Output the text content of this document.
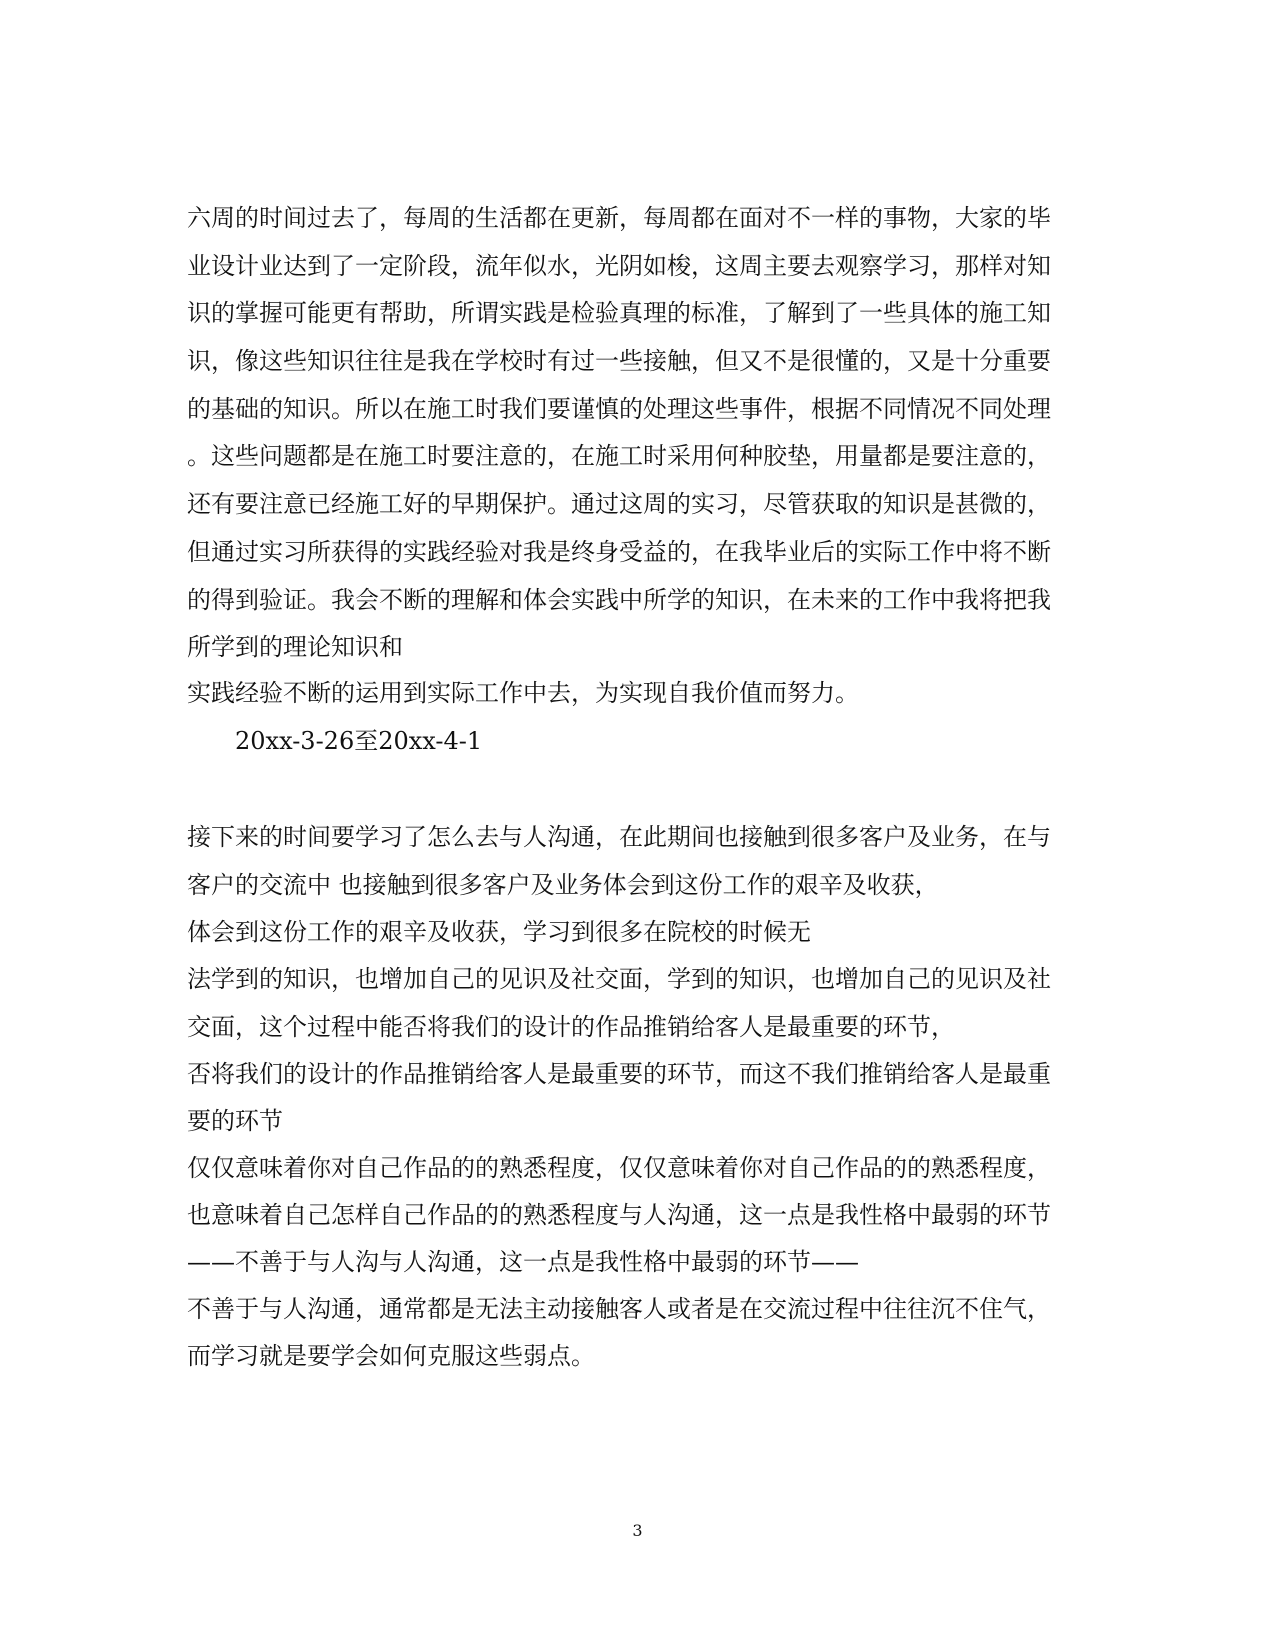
六周的时间过去了，每周的生活都在更新，每周都在面对不一样的事物，大家的毕
业设计业达到了一定阶段，流年似水，光阴如梭，这周主要去观察学习，那样对知
识的掌握可能更有帮助，所谓实践是检验真理的标准，了解到了一些具体的施工知
识，像这些知识往往是我在学校时有过一些接触，但又不是很懂的，又是十分重要
的基础的知识。所以在施工时我们要谨慎的处理这些事件，根据不同情况不同处理
。这些问题都是在施工时要注意的，在施工时采用何种胶垫，用量都是要注意的，
还有要注意已经施工好的早期保护。通过这周的实习，尽管获取的知识是甚微的，
但通过实习所获得的实践经验对我是终身受益的，在我毕业后的实际工作中将不断
的得到验证。我会不断的理解和体会实践中所学的知识，在未来的工作中我将把我
所学到的理论知识和
实践经验不断的运用到实际工作中去，为实现自我价值而努力。
20xx-3-26至20xx-4-1
接下来的时间要学习了怎么去与人沟通，在此期间也接触到很多客户及业务，在与
客户的交流中 也接触到很多客户及业务体会到这份工作的艰辛及收获，
体会到这份工作的艰辛及收获，学习到很多在院校的时候无
法学到的知识，也增加自己的见识及社交面，学到的知识，也增加自己的见识及社
交面，这个过程中能否将我们的设计的作品推销给客人是最重要的环节，
否将我们的设计的作品推销给客人是最重要的环节，而这不我们推销给客人是最重
要的环节
仅仅意味着你对自己作品的的熟悉程度，仅仅意味着你对自己作品的的熟悉程度，
也意味着自己怎样自己作品的的熟悉程度与人沟通，这一点是我性格中最弱的环节
——不善于与人沟与人沟通，这一点是我性格中最弱的环节——
不善于与人沟通，通常都是无法主动接触客人或者是在交流过程中往往沉不住气，
而学习就是要学会如何克服这些弱点。
3
